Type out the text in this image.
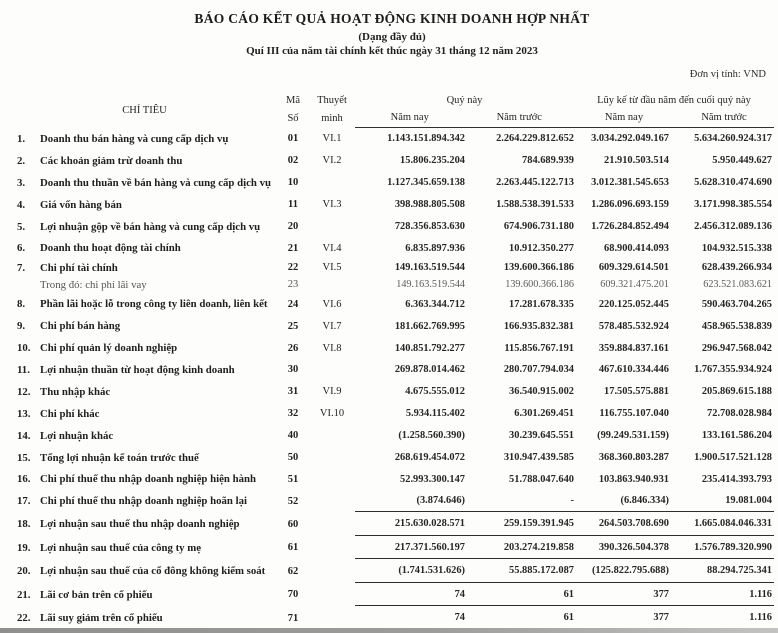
BÁO CÁO KẾT QUẢ HOẠT ĐỘNG KINH DOANH HỢP NHẤT
(Dạng đầy đủ)
Quí III của năm tài chính kết thúc ngày 31 tháng 12 năm 2023
Đơn vị tính: VND
CHỈ TIÊU
Mã
Số
Thuyết
minh
Quý này
Năm nay	Năm trước
Lũy kế từ đầu năm đến cuối quý này
Năm nay	Năm trước
1.	Doanh thu bán hàng và cung cấp dịch vụ	01	VI.1	1.143.151.894.342	2.264.229.812.652	3.034.292.049.167	5.634.260.924.317
2.	Các khoản giảm trừ doanh thu	02	VI.2	15.806.235.204	784.689.939	21.910.503.514	5.950.449.627
3.	Doanh thu thuần về bán hàng và cung cấp dịch vụ	10	1.127.345.659.138	2.263.445.122.713	3.012.381.545.653	5.628.310.474.690
4.	Giá vốn hàng bán	11	VI.3	398.988.805.508	1.588.538.391.533	1.286.096.693.159	3.171.998.385.554
5.	Lợi nhuận gộp về bán hàng và cung cấp dịch vụ	20	728.356.853.630	674.906.731.180	1.726.284.852.494	2.456.312.089.136
6.	Doanh thu hoạt động tài chính	21	VI.4	6.835.897.936	10.912.350.277	68.900.414.093	104.932.515.338
7.	Chi phí tài chính	22	VI.5	149.163.519.544	139.600.366.186	609.329.614.501	628.439.266.934
Trong đó: chi phí lãi vay	23	149.163.519.544	139.600.366.186	609.321.475.201	623.521.083.621
8.	Phần lãi hoặc lỗ trong công ty liên doanh, liên kết	24	VI.6	6.363.344.712	17.281.678.335	220.125.052.445	590.463.704.265
9.	Chi phí bán hàng	25	VI.7	181.662.769.995	166.935.832.381	578.485.532.924	458.965.538.839
10. Chi phí quản lý doanh nghiệp	26	VI.8	140.851.792.277	115.856.767.191	359.884.837.161	296.947.568.042
11. Lợi nhuận thuần từ hoạt động kinh doanh	30	269.878.014.462	280.707.794.034	467.610.334.446	1.767.355.934.924
12. Thu nhập khác	31	VI.9	4.675.555.012	36.540.915.002	17.505.575.881	205.869.615.188
13. Chi phí khác	32	VI.10	5.934.115.402	6.301.269.451	116.755.107.040	72.708.028.984
14. Lợi nhuận khác	40	(1.258.560.390)	30.239.645.551	(99.249.531.159)	133.161.586.204
15. Tổng lợi nhuận kế toán trước thuế	50	268.619.454.072	310.947.439.585	368.360.803.287	1.900.517.521.128
16. Chi phí thuế thu nhập doanh nghiệp hiện hành	51	52.993.300.147	51.788.047.640	103.863.940.931	235.414.393.793
17. Chi phí thuế thu nhập doanh nghiệp hoãn lại	52	(3.874.646)	-	(6.846.334)	19.081.004
18. Lợi nhuận sau thuế thu nhập doanh nghiệp	60	215.630.028.571	259.159.391.945	264.503.708.690	1.665.084.046.331
19. Lợi nhuận sau thuế của công ty mẹ	61	217.371.560.197	203.274.219.858	390.326.504.378	1.576.789.320.990
20. Lợi nhuận sau thuế của cổ đông không kiểm soát	62	(1.741.531.626)	55.885.172.087	(125.822.795.688)	88.294.725.341
21. Lãi cơ bản trên cổ phiếu	70	74	61	377	1.116
22. Lãi suy giảm trên cổ phiếu	71	74	61	377	1.116
